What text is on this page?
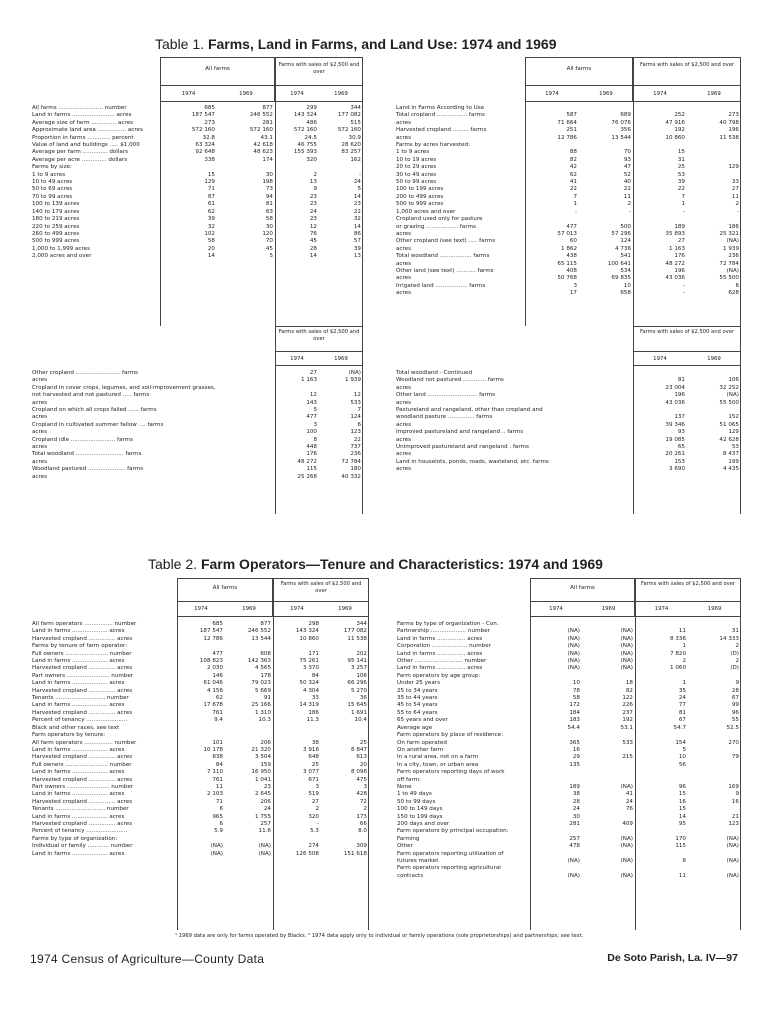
Table 1. Farms, Land in Farms, and Land Use: 1974 and 1969
All farms
Farms with sales of $2,500 and over
1974	1969	1974	1969
All farms ......................... number	685	877	299	344

Land in farms ........................ acres	187 547	246 552	143 324	177 082
Average size of farm .............. acres	273	281	486	515

Approximate land area ................ acres	572 160	572 160	572 160	572 160
Proportion in farms ............. percent	32.8	43.1	24.5	30.9

Value of land and buildings ..... $1,000	63 324	42 618	46 755	28 620
Average per farm .............. dollars	92 648	48 623	155 393	83 257
Average per acre .............. dollars	338	174	320	162

Farms by size:				
1 to 9 acres	15	30	2	-
10 to 49 acres	129	198	13	24
50 to 69 acres	71	73	9	5
70 to 99 acres	87	94	23	14
100 to 139 acres	61	81	23	23
140 to 179 acres	62	63	24	22

180 to 219 acres	39	58	23	32
220 to 259 acres	32	30	12	14
260 to 499 acres	102	120	76	86
500 to 999 acres	58	70	45	57
1,000 to 1,999 acres	20	45	28	39
2,000 acres and over	14	5	14	13
All farms
Farms with sales of $2,500 and over
1974	1969	1974	1969
Land in Farms According to Use				
Total cropland ................. farms	587	689	252	273
acres	71 664	76 076	47 916	40 798
Harvested cropland ......... farms	251	356	192	196
acres	12 786	13 544	10 860	11 538
Farms by acres harvested:				
1 to 9 acres	88	70	15	
10 to 19 acres	82	93	31	
20 to 29 acres	42	47	25	129
30 to 49 acres	62	52	53	

50 to 99 acres	41	40	39	33
100 to 199 acres	22	22	22	27
200 to 499 acres	7	11	7	11
500 to 999 acres	1	2	1	2
1,000 acres and over	-	-	-	-
Cropland used only for pasture				
or grazing .................. farms	477	500	189	186
acres	57 013	57 296	35 893	25 321
Other cropland (see text) ..... farms	60	124	27	(NA)
acres	1 862	4 736	1 163	1 939

Total woodland .................. farms	438	541	176	236
acres	65 115	100 641	48 272	72 784
Other land (see text) ........... farms	408	534	196	(NA)
acres	50 768	69 835	43 036	55 500
Irrigated land .................. farms	3	10	-	6
acres	17	658	-	628
Farms with sales of $2,500 and over
1974	1969
Other cropland ......................... farms	27	(NA)
acres	1 163	1 939

Cropland in cover crops, legumes, and soil-improvement grasses,		
not harvested and not pastured ..... farms	12	12
acres	143	533
Cropland on which all crops failed ...... farms	5	7
acres	477	124

Cropland in cultivated summer fallow .... farms	3	6
acres	100	123
Cropland idle ......................... farms	8	22
acres	448	737

Total woodland ........................... farms	176	236
acres	48 272	72 784
Woodland pastured ..................... farms	115	180
acres	25 268	40 332
Farms with sales of $2,500 and over
1974	1969
Total woodland - Continued		
Woodland not pastured ............. farms	81	106
acres	23 004	32 252

Other land ............................ farms	196	(NA)
acres	43 036	55 500

Pastureland and rangeland, other than cropland and		
woodland pasture ............... farms	137	152
acres	39 346	51 065

Improved pastureland and rangeland .. farms	93	129
acres	19 085	42 628

Unimproved pastureland and rangeland . farms	65	53
acres	20 261	8 437

Land in houselots, ponds, roads, wasteland, etc. farms	153	199
acres	3 690	4 435
Table 2. Farm Operators—Tenure and Characteristics: 1974 and 1969
All farms
Farms with sales of $2,500 and over
1974	1969	1974	1969
All farm operators ................ number	685	877	298	344
Land in farms .................... acres	187 547	246 552	143 324	177 082
Harvested cropland ............... acres	12 786	13 544	10 860	11 538

Farms by tenure of farm operator:				
Full owners ........................ number	477	608	171	202
Land in farms .................... acres	108 823	142 363	75 261	95 141
Harvested cropland ............... acres	2 030	4 565	3 370	3 257

Part owners ........................ number	146	178	84	106
Land in farms .................... acres	61 046	79 023	50 324	66 296
Harvested cropland ............... acres	4 156	5 669	4 304	5 270

Tenants ............................ number	62	91	33	36
Land in farms .................... acres	17 678	25 166	14 319	15 645
Harvested cropland ............... acres	761	1 310	186	1 691

Percent of tenancy .......................	9.4	10.3	11.3	10.4

Black and other races, see text				
Farm operators by tenure:				
All farm operators ................ number	101	206	38	25
Land in farms .................... acres	10 178	21 320	3 916	8 847
Harvested cropland ............... acres	838	3 504	648	613

Full owners ........................ number	84	159	25	20
Land in farms .................... acres	7 110	16 950	3 077	8 096
Harvested cropland ............... acres	761	1 041	671	475

Part owners ........................ number	11	23	3	3
Land in farms .................... acres	2 103	2 645	519	428
Harvested cropland ............... acres	71	206	27	72

Tenants ............................ number	6	24	2	2
Land in farms .................... acres	965	1 755	320	173
Harvested cropland ............... acres	6	257	-	66

Percent of tenancy .......................	5.9	11.6	5.3	8.0

Farms by type of organization:				
Individual or family ............ number	(NA)	(NA)	274	309
Land in farms .................... acres	(NA)	(NA)	126 508	151 618
All farms
Farms with sales of $2,500 and over
1974	1969	1974	1969
Farms by type of organization - Con.				
Partnership .................... number	(NA)	(NA)	11	31
Land in farms ................ acres	(NA)	(NA)	8 336	14 333

Corporation .................... number	(NA)	(NA)	1	2
Land in farms ................ acres	(NA)	(NA)	7 820	(D)

Other ........................... number	(NA)	(NA)	2	2
Land in farms ................ acres	(NA)	(NA)	1 060	(D)

Farm operators by age group:				
Under 25 years	10	18	1	9
25 to 34 years	78	82	35	28
35 to 44 years	58	122	24	67
45 to 54 years	172	226	77	99
55 to 64 years	184	237	81	96
65 years and over	183	192	67	55
Average age	54.4	53.1	54.7	52.5

Farm operators by place of residence:				
On farm operated	365	533	154	270
On another farm	16		5	
In a rural area, not on a farm	29	215	10	79
In a city, town, or urban area	135		56	

Farm operators reporting days of work				
off farm:				
None	189	(NA)	96	169
1 to 49 days	38	41	15	9
50 to 99 days	28	24	16	16
100 to 149 days	24	76	15	
150 to 199 days	30		14	21
200 days and over	281	409	95	123

Farm operators by principal occupation:				
Farming	257	(NA)	170	(NA)
Other	478	(NA)	115	(NA)

Farm operators reporting utilization of				
futures market	(NA)	(NA)	6	(NA)
Farm operators reporting agricultural				
contracts	(NA)	(NA)	11	(NA)
¹ 1969 data are only for farms operated by Blacks. ² 1974 data apply only to individual or family operations (sole proprietorships) and partnerships; see text.
1974 Census of Agriculture—County Data	De Soto Parish, La. IV—97
